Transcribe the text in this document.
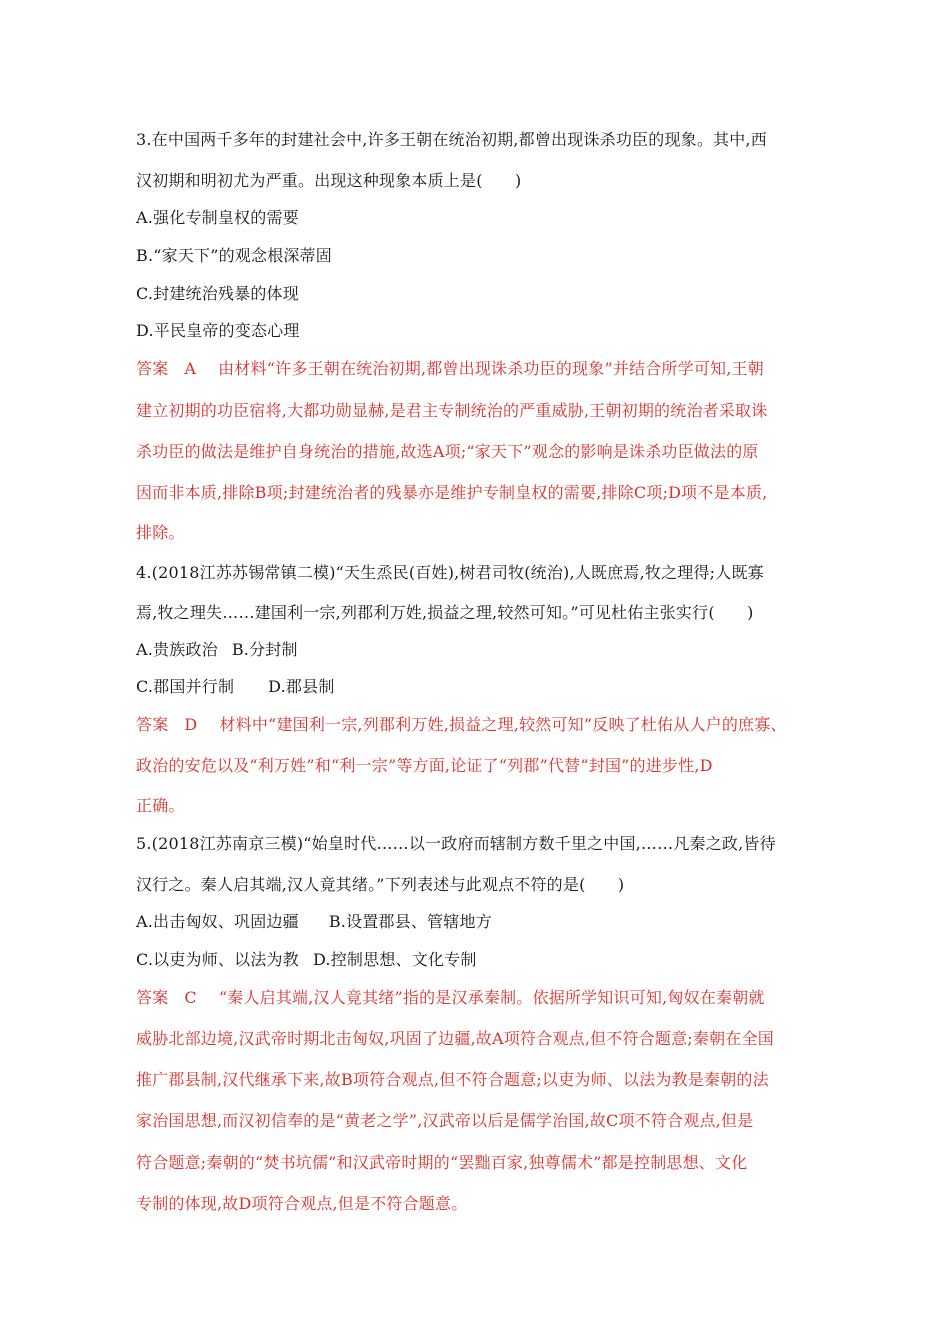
3.在中国两千多年的封建社会中,许多王朝在统治初期,都曾出现诛杀功臣的现象。其中,西
汉初期和明初尤为严重。出现这种现象本质上是(　　)
A.强化专制皇权的需要
B.“家天下”的观念根深蒂固
C.封建统治残暴的体现
D.平民皇帝的变态心理
答案 A 由材料“许多王朝在统治初期,都曾出现诛杀功臣的现象”并结合所学可知,王朝
建立初期的功臣宿将,大都功勋显赫,是君主专制统治的严重威胁,王朝初期的统治者采取诛
杀功臣的做法是维护自身统治的措施,故选A项;“家天下”观念的影响是诛杀功臣做法的原
因而非本质,排除B项;封建统治者的残暴亦是维护专制皇权的需要,排除C项;D项不是本质,
排除。
4.(2018江苏苏锡常镇二模)“天生烝民(百姓),树君司牧(统治),人既庶焉,牧之理得;人既寡
焉,牧之理失……建国利一宗,列郡利万姓,损益之理,较然可知。”可见杜佑主张实行(　　)
A.贵族政治 B.分封制
C.郡国并行制 D.郡县制
答案 D 材料中“建国利一宗,列郡利万姓,损益之理,较然可知”反映了杜佑从人户的庶寡、
政治的安危以及“利万姓”和“利一宗”等方面,论证了“列郡”代替“封国”的进步性,D
正确。
5.(2018江苏南京三模)“始皇时代……以一政府而辖制方数千里之中国,……凡秦之政,皆待
汉行之。秦人启其端,汉人竟其绪。”下列表述与此观点不符的是(　　)
A.出击匈奴、巩固边疆 B.设置郡县、管辖地方
C.以吏为师、以法为教 D.控制思想、文化专制
答案 C “秦人启其端,汉人竟其绪”指的是汉承秦制。依据所学知识可知,匈奴在秦朝就
威胁北部边境,汉武帝时期北击匈奴,巩固了边疆,故A项符合观点,但不符合题意;秦朝在全国
推广郡县制,汉代继承下来,故B项符合观点,但不符合题意;以吏为师、以法为教是秦朝的法
家治国思想,而汉初信奉的是“黄老之学”,汉武帝以后是儒学治国,故C项不符合观点,但是
符合题意;秦朝的“焚书坑儒”和汉武帝时期的“罢黜百家,独尊儒术”都是控制思想、文化
专制的体现,故D项符合观点,但是不符合题意。
